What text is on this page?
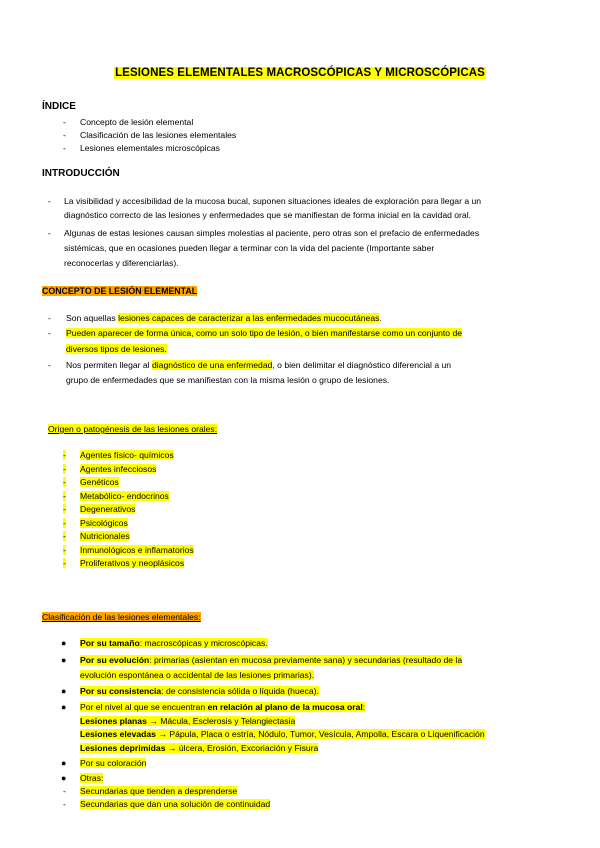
LESIONES ELEMENTALES MACROSCÓPICAS Y MICROSCÓPICAS
ÍNDICE
- Concepto de lesión elemental
- Clasificación de las lesiones elementales
- Lesiones elementales microscópicas
INTRODUCCIÓN
- La visibilidad y accesibilidad de la mucosa bucal, suponen situaciones ideales de exploración para llegar a un
diagnóstico correcto de las lesiones y enfermedades que se manifiestan de forma inicial en la cavidad oral.
- Algunas de estas lesiones causan simples molestias al paciente, pero otras son el prefacio de enfermedades
sistémicas, que en ocasiones pueden llegar a terminar con la vida del paciente (Importante saber
reconocerlas y diferenciarlas).
CONCEPTO DE LESIÓN ELEMENTAL
- Son aquellas lesiones capaces de caracterizar a las enfermedades mucocutáneas.
- Pueden aparecer de forma única, como un solo tipo de lesión, o bien manifestarse como un conjunto de
diversos tipos de lesiones.
- Nos permiten llegar al diagnóstico de una enfermedad, o bien delimitar el diagnóstico diferencial a un
grupo de enfermedades que se manifiestan con la misma lesión o grupo de lesiones.
Origen o patogénesis de las lesiones orales:
- Agentes físico- químicos
- Agentes infecciosos
- Genéticos
- Metabólico- endocrinos
- Degenerativos
- Psicológicos
- Nutricionales
- Inmunológicos e inflamatorios
- Proliferativos y neoplásicos
Clasificación de las lesiones elementales:
● Por su tamaño: macroscópicas y microscópicas.
● Por su evolución: primarias (asientan en mucosa previamente sana) y secundarias (resultado de la
evolución espontánea o accidental de las lesiones primarias).
● Por su consistencia: de consistencia sólida o líquida (hueca).
● Por el nivel al que se encuentran en relación al plano de la mucosa oral:
Lesiones planas → Mácula, Esclerosis y Telangiectasia
Lesiones elevadas → Pápula, Placa o estría, Nódulo, Tumor, Vesícula, Ampolla, Escara o Liquenificación
Lesiones deprimidas → úlcera, Erosión, Excoriación y Fisura
● Por su coloración
● Otras:
- Secundarias que tienden a desprenderse
- Secundarias que dan una solución de continuidad
